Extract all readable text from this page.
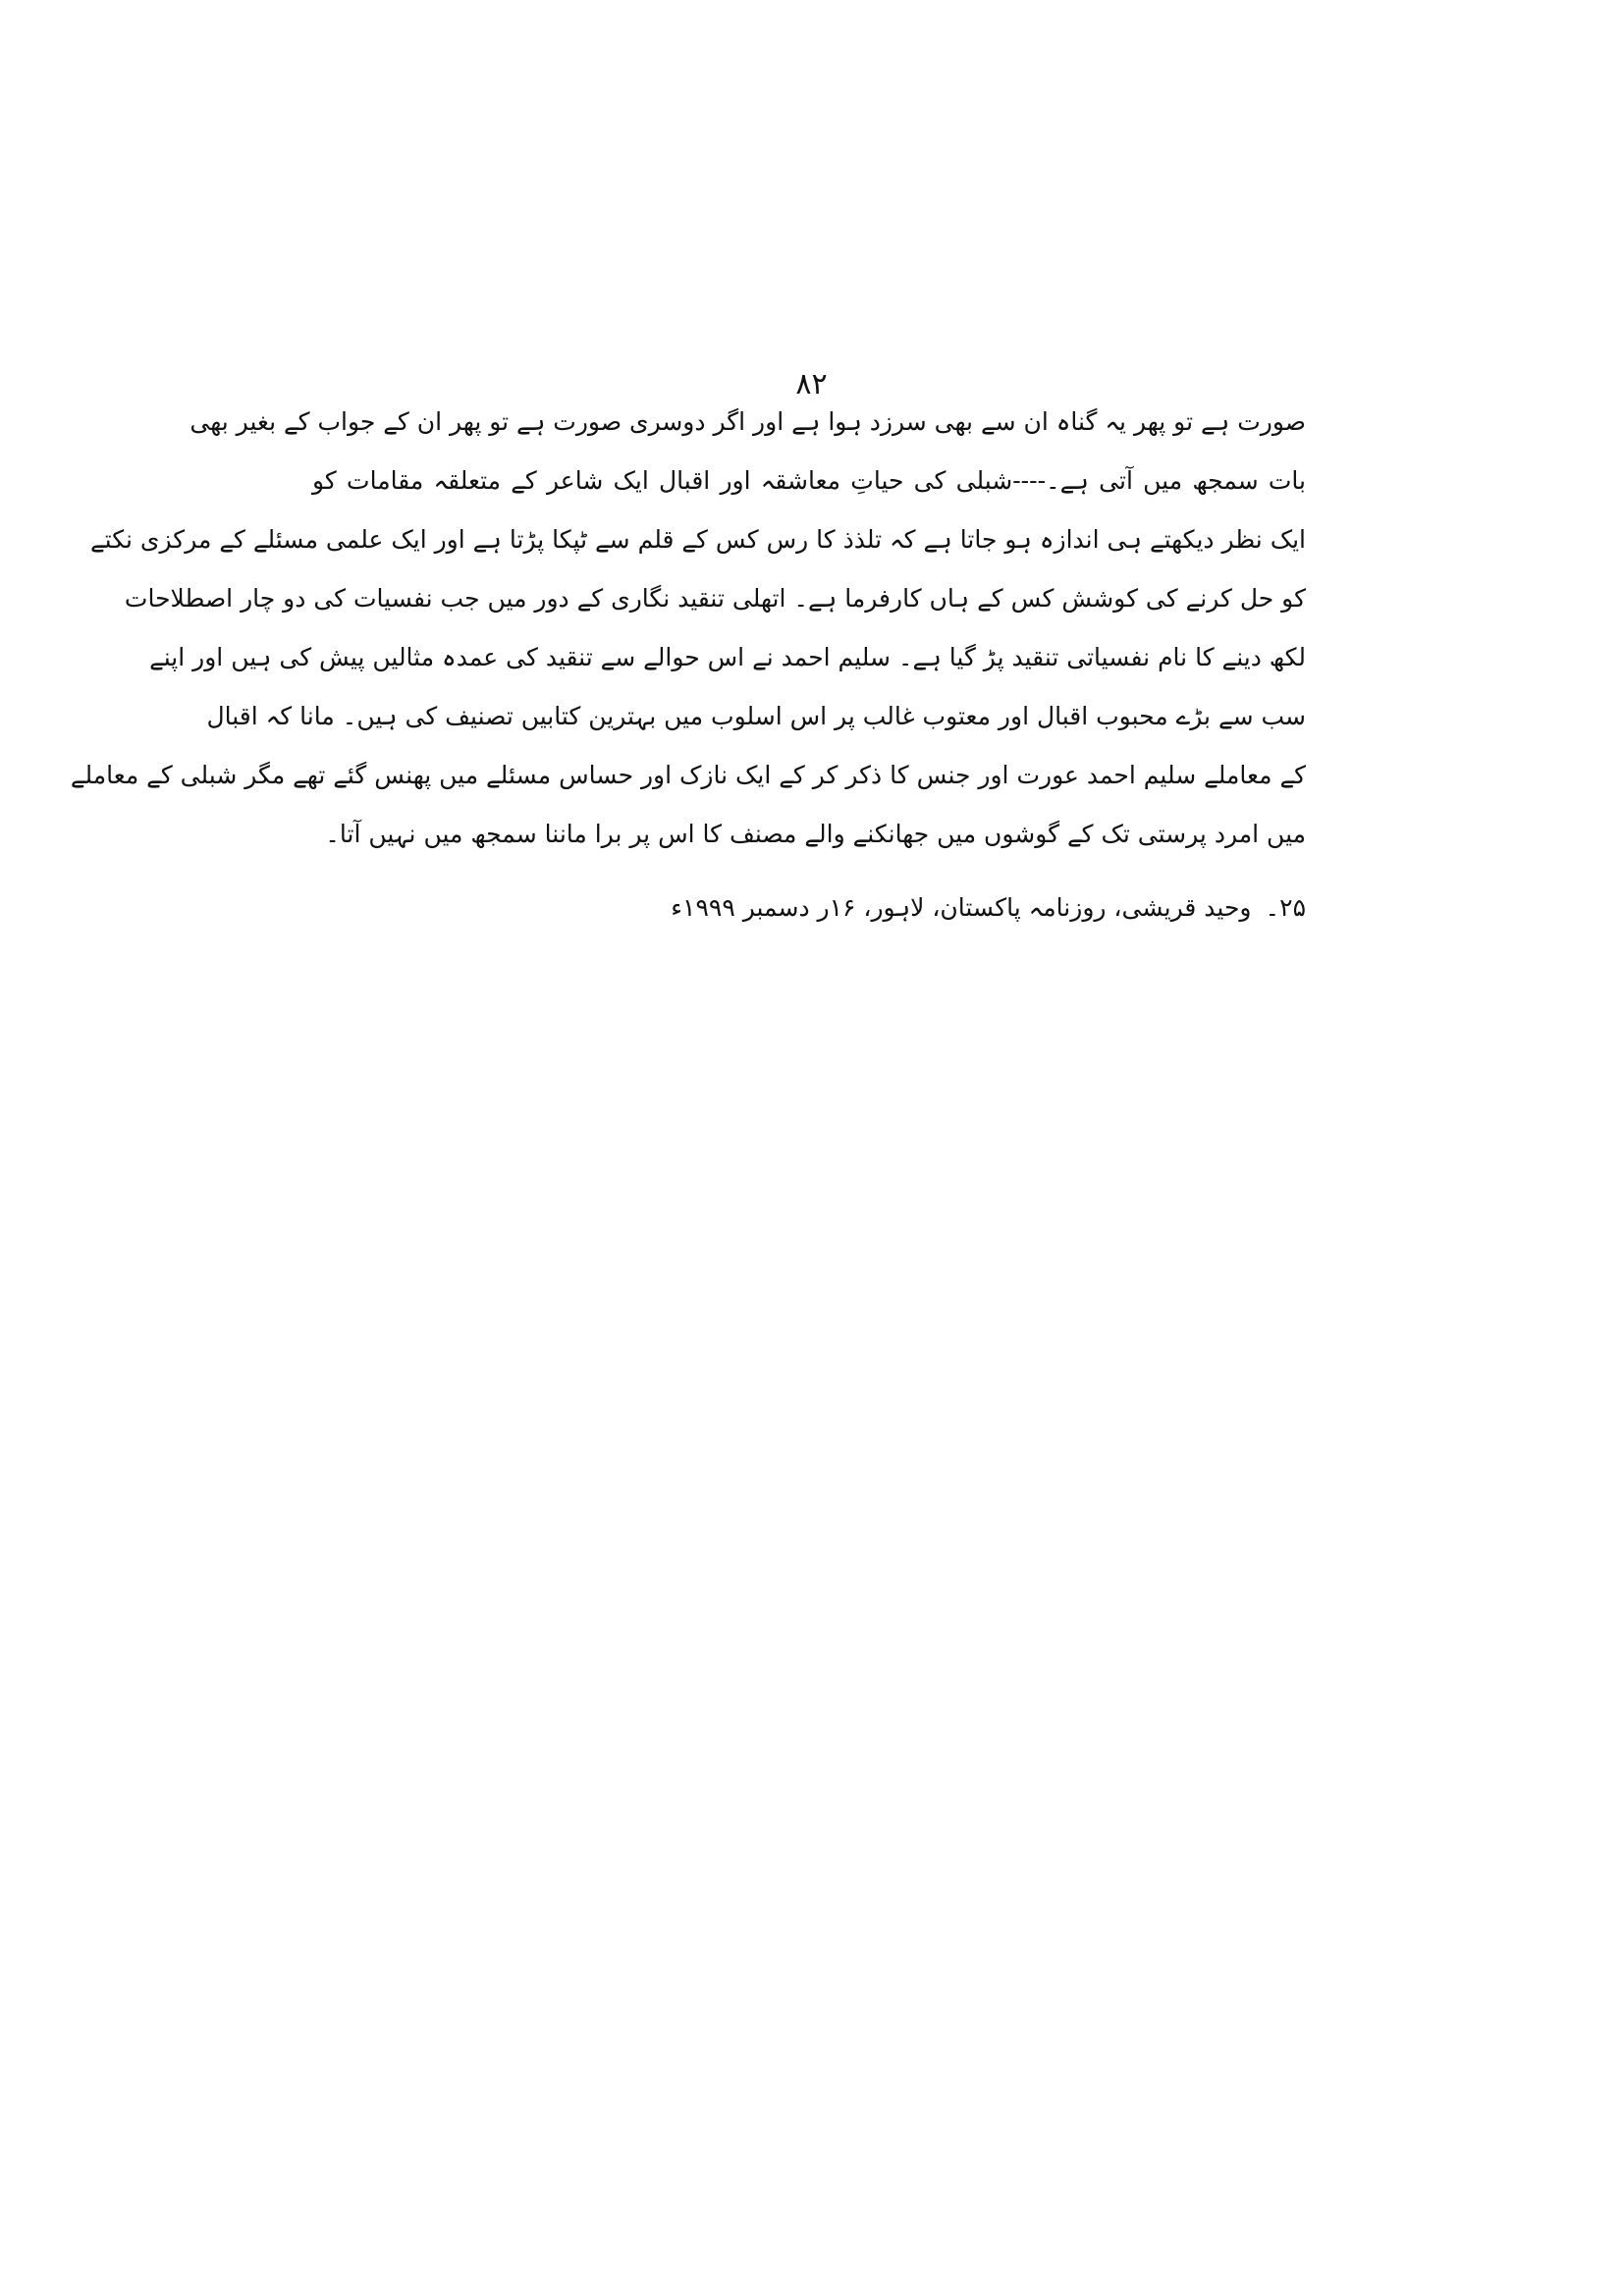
۸۲
صورت ہے تو پھر یہ گناہ ان سے بھی سرزد ہوا ہے اور اگر دوسری صورت ہے تو پھر ان کے جواب کے بغیر بھی
بات سمجھ میں آتی ہے۔----شبلی کی حیاتِ معاشقہ اور اقبال ایک شاعر کے متعلقہ مقامات کو
ایک نظر دیکھتے ہی اندازہ ہو جاتا ہے کہ تلذذ کا رس کس کے قلم سے ٹپکا پڑتا ہے اور ایک علمی مسئلے کے مرکزی نکتے
کو حل کرنے کی کوشش کس کے ہاں کارفرما ہے۔ اتھلی تنقید نگاری کے دور میں جب نفسیات کی دو چار اصطلاحات
لکھ دینے کا نام نفسیاتی تنقید پڑ گیا ہے۔ سلیم احمد نے اس حوالے سے تنقید کی عمدہ مثالیں پیش کی ہیں اور اپنے
سب سے بڑے محبوب اقبال اور معتوب غالب پر اس اسلوب میں بہترین کتابیں تصنیف کی ہیں۔ مانا کہ اقبال
کے معاملے سلیم احمد عورت اور جنس کا ذکر کر کے ایک نازک اور حساس مسئلے میں پھنس گئے تھے مگر شبلی کے معاملے
میں امرد پرستی تک کے گوشوں میں جھانکنے والے مصنف کا اس پر برا ماننا سمجھ میں نہیں آتا۔
۲۵۔وحید قریشی، روزنامہ پاکستان، لاہور، ۱۶ر دسمبر ۱۹۹۹ء
